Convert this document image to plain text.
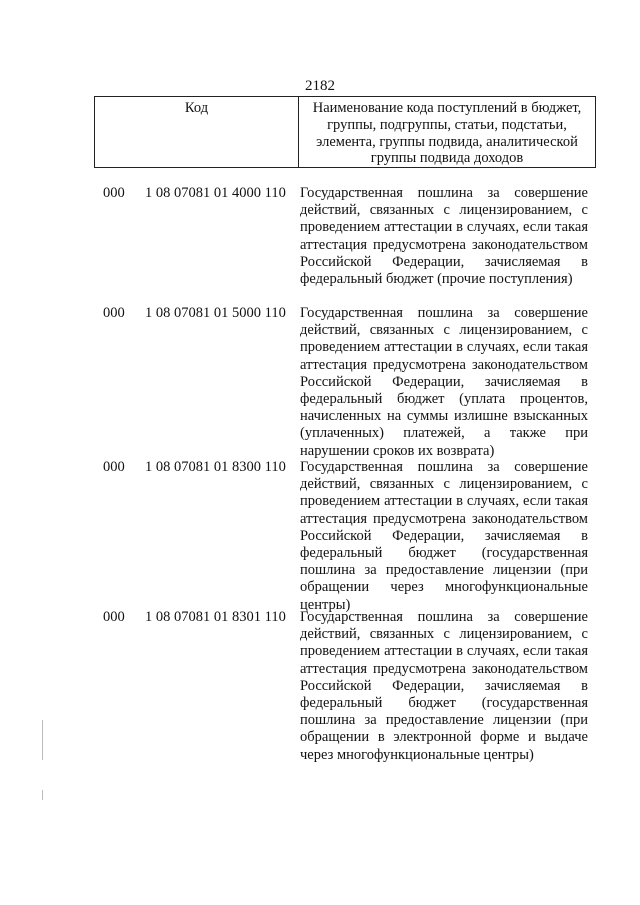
2182
Код	Наименование кода поступлений в бюджет, группы, подгруппы, статьи, подстатьи, элемента, группы подвида, аналитической группы подвида доходов
000 1 08 07081 01 4000 110 Государственная пошлина за совершение действий, связанных с лицензированием, с проведением аттестации в случаях, если такая аттестация предусмотрена законодательством Российской Федерации, зачисляемая в федеральный бюджет (прочие поступления)
000 1 08 07081 01 5000 110 Государственная пошлина за совершение действий, связанных с лицензированием, с проведением аттестации в случаях, если такая аттестация предусмотрена законодательством Российской Федерации, зачисляемая в федеральный бюджет (уплата процентов, начисленных на суммы излишне взысканных (уплаченных) платежей, а также при нарушении сроков их возврата)
000 1 08 07081 01 8300 110 Государственная пошлина за совершение действий, связанных с лицензированием, с проведением аттестации в случаях, если такая аттестация предусмотрена законодательством Российской Федерации, зачисляемая в федеральный бюджет (государственная пошлина за предоставление лицензии (при обращении через многофункциональные центры)
000 1 08 07081 01 8301 110 Государственная пошлина за совершение действий, связанных с лицензированием, с проведением аттестации в случаях, если такая аттестация предусмотрена законодательством Российской Федерации, зачисляемая в федеральный бюджет (государственная пошлина за предоставление лицензии (при обращении в электронной форме и выдаче через многофункциональные центры)
